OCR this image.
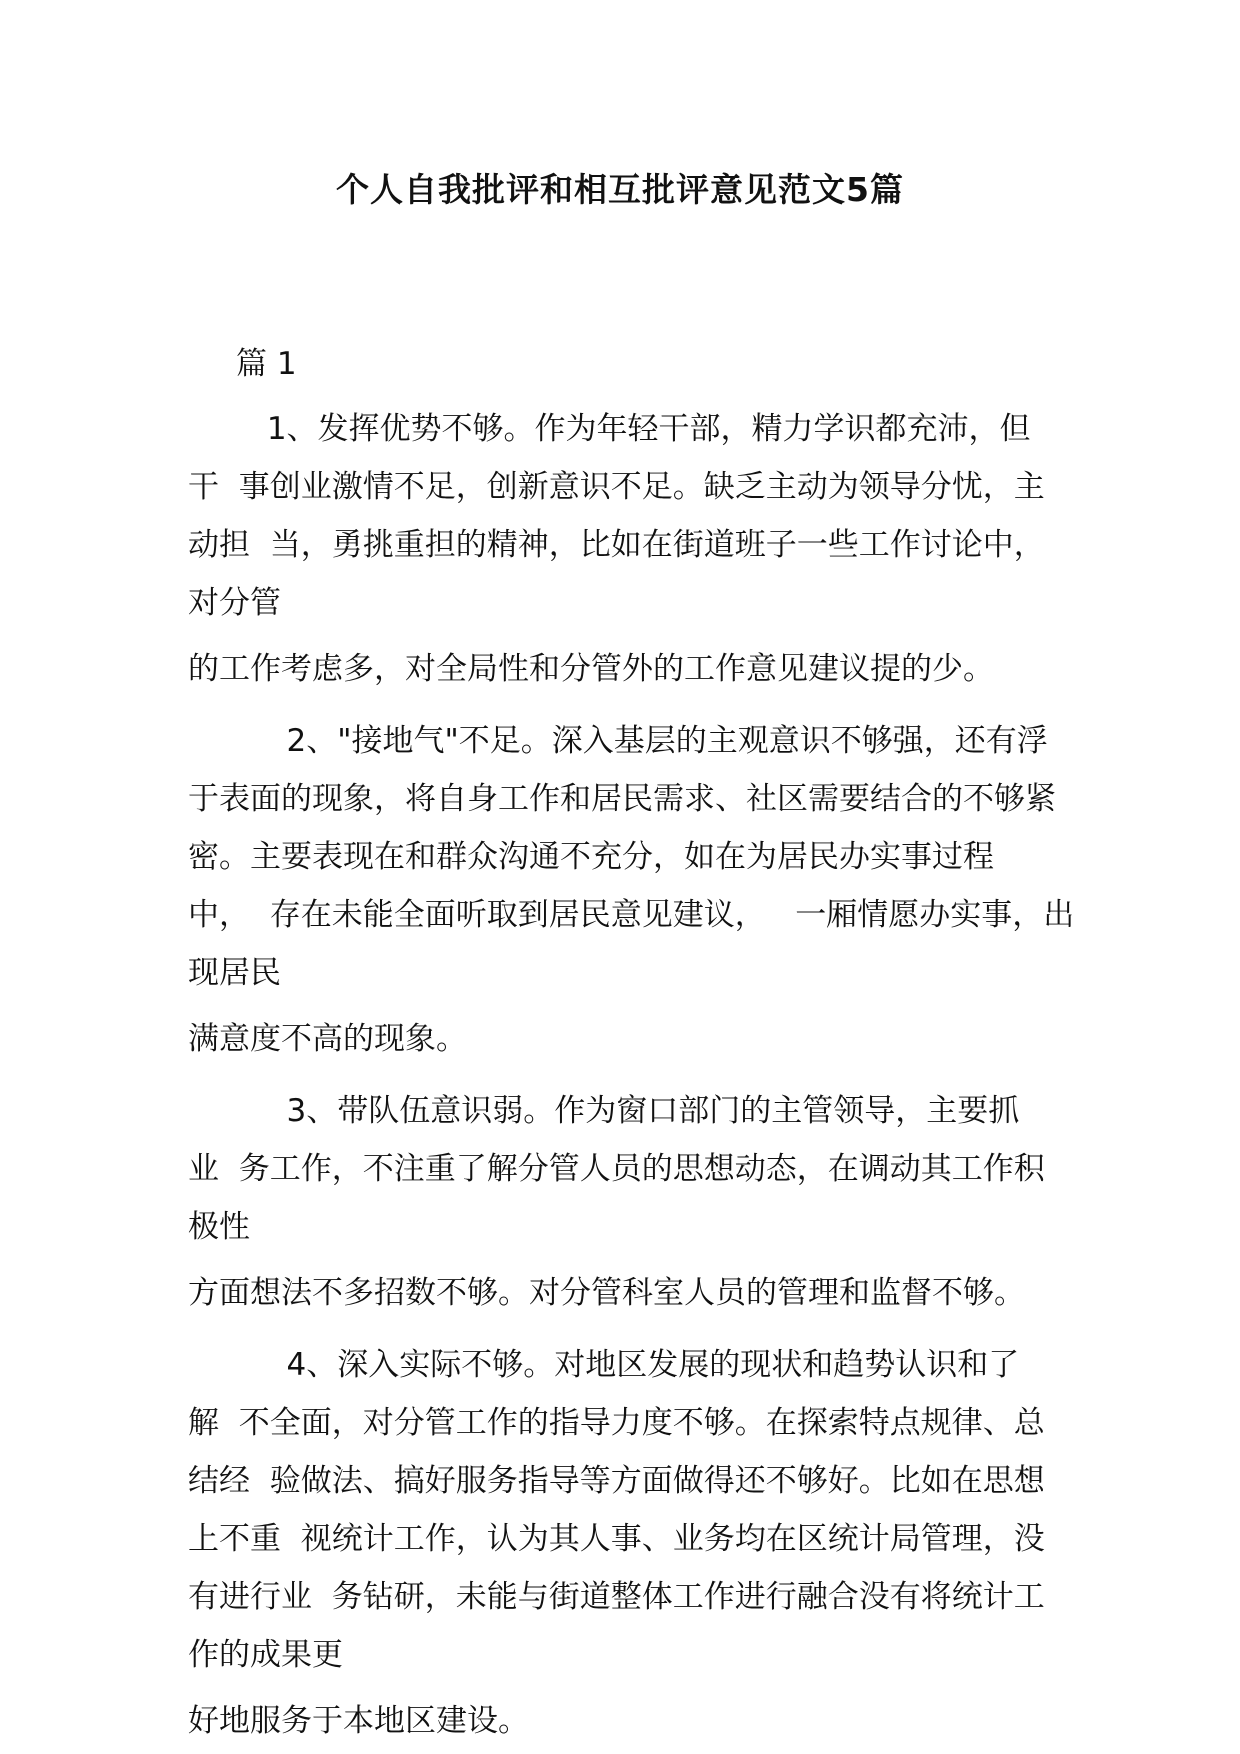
个人自我批评和相互批评意见范文5篇
篇 1
1、发挥优势不够。作为年轻干部，精力学识都充沛，但
干  事创业激情不足，创新意识不足。缺乏主动为领导分忧，主
动担  当，勇挑重担的精神，比如在街道班子一些工作讨论中，
对分管
的工作考虑多，对全局性和分管外的工作意见建议提的少。
2、"接地气"不足。深入基层的主观意识不够强，还有浮
于表面的现象，将自身工作和居民需求、社区需要结合的不够紧
密。主要表现在和群众沟通不充分，如在为居民办实事过程
中，  存在未能全面听取到居民意见建议，   一厢情愿办实事，出
现居民
满意度不高的现象。
3、带队伍意识弱。作为窗口部门的主管领导，主要抓
业  务工作，不注重了解分管人员的思想动态，在调动其工作积
极性
方面想法不多招数不够。对分管科室人员的管理和监督不够。
4、深入实际不够。对地区发展的现状和趋势认识和了
解  不全面，对分管工作的指导力度不够。在探索特点规律、总
结经  验做法、搞好服务指导等方面做得还不够好。比如在思想
上不重  视统计工作，认为其人事、业务均在区统计局管理，没
有进行业  务钻研，未能与街道整体工作进行融合没有将统计工
作的成果更
好地服务于本地区建设。
